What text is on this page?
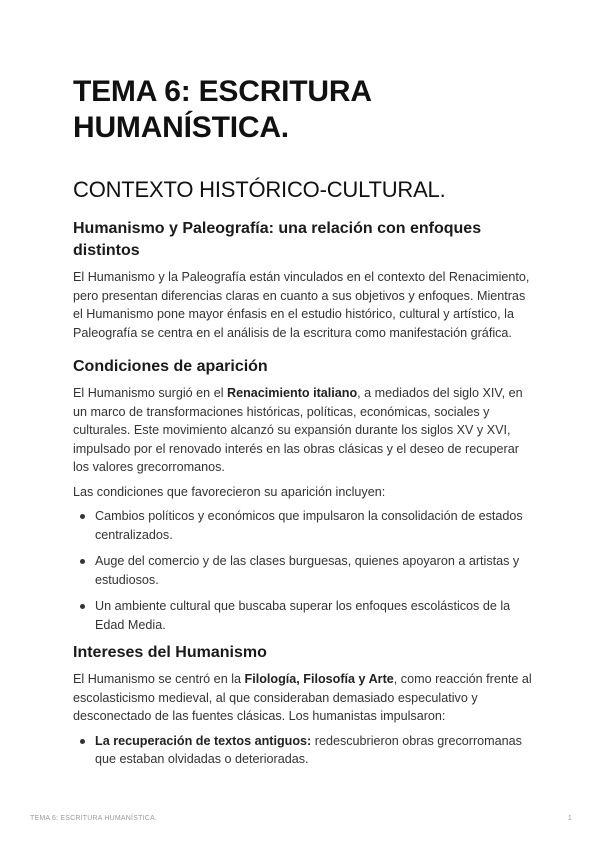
TEMA 6: ESCRITURA HUMANÍSTICA.
CONTEXTO HISTÓRICO-CULTURAL.
Humanismo y Paleografía: una relación con enfoques distintos

El Humanismo y la Paleografía están vinculados en el contexto del Renacimiento, pero presentan diferencias claras en cuanto a sus objetivos y enfoques. Mientras el Humanismo pone mayor énfasis en el estudio histórico, cultural y artístico, la Paleografía se centra en el análisis de la escritura como manifestación gráfica.

Condiciones de aparición

El Humanismo surgió en el Renacimiento italiano, a mediados del siglo XIV, en un marco de transformaciones históricas, políticas, económicas, sociales y culturales. Este movimiento alcanzó su expansión durante los siglos XV y XVI, impulsado por el renovado interés en las obras clásicas y el deseo de recuperar los valores grecorromanos.

Las condiciones que favorecieron su aparición incluyen:

Cambios políticos y económicos que impulsaron la consolidación de estados centralizados.
Auge del comercio y de las clases burguesas, quienes apoyaron a artistas y estudiosos.
Un ambiente cultural que buscaba superar los enfoques escolásticos de la Edad Media.
Intereses del Humanismo

El Humanismo se centró en la Filología, Filosofía y Arte, como reacción frente al escolasticismo medieval, al que consideraban demasiado especulativo y desconectado de las fuentes clásicas. Los humanistas impulsaron:

La recuperación de textos antiguos: redescubrieron obras grecorromanas que estaban olvidadas o deterioradas.
TEMA 6: ESCRITURA HUMANÍSTICA.	1
